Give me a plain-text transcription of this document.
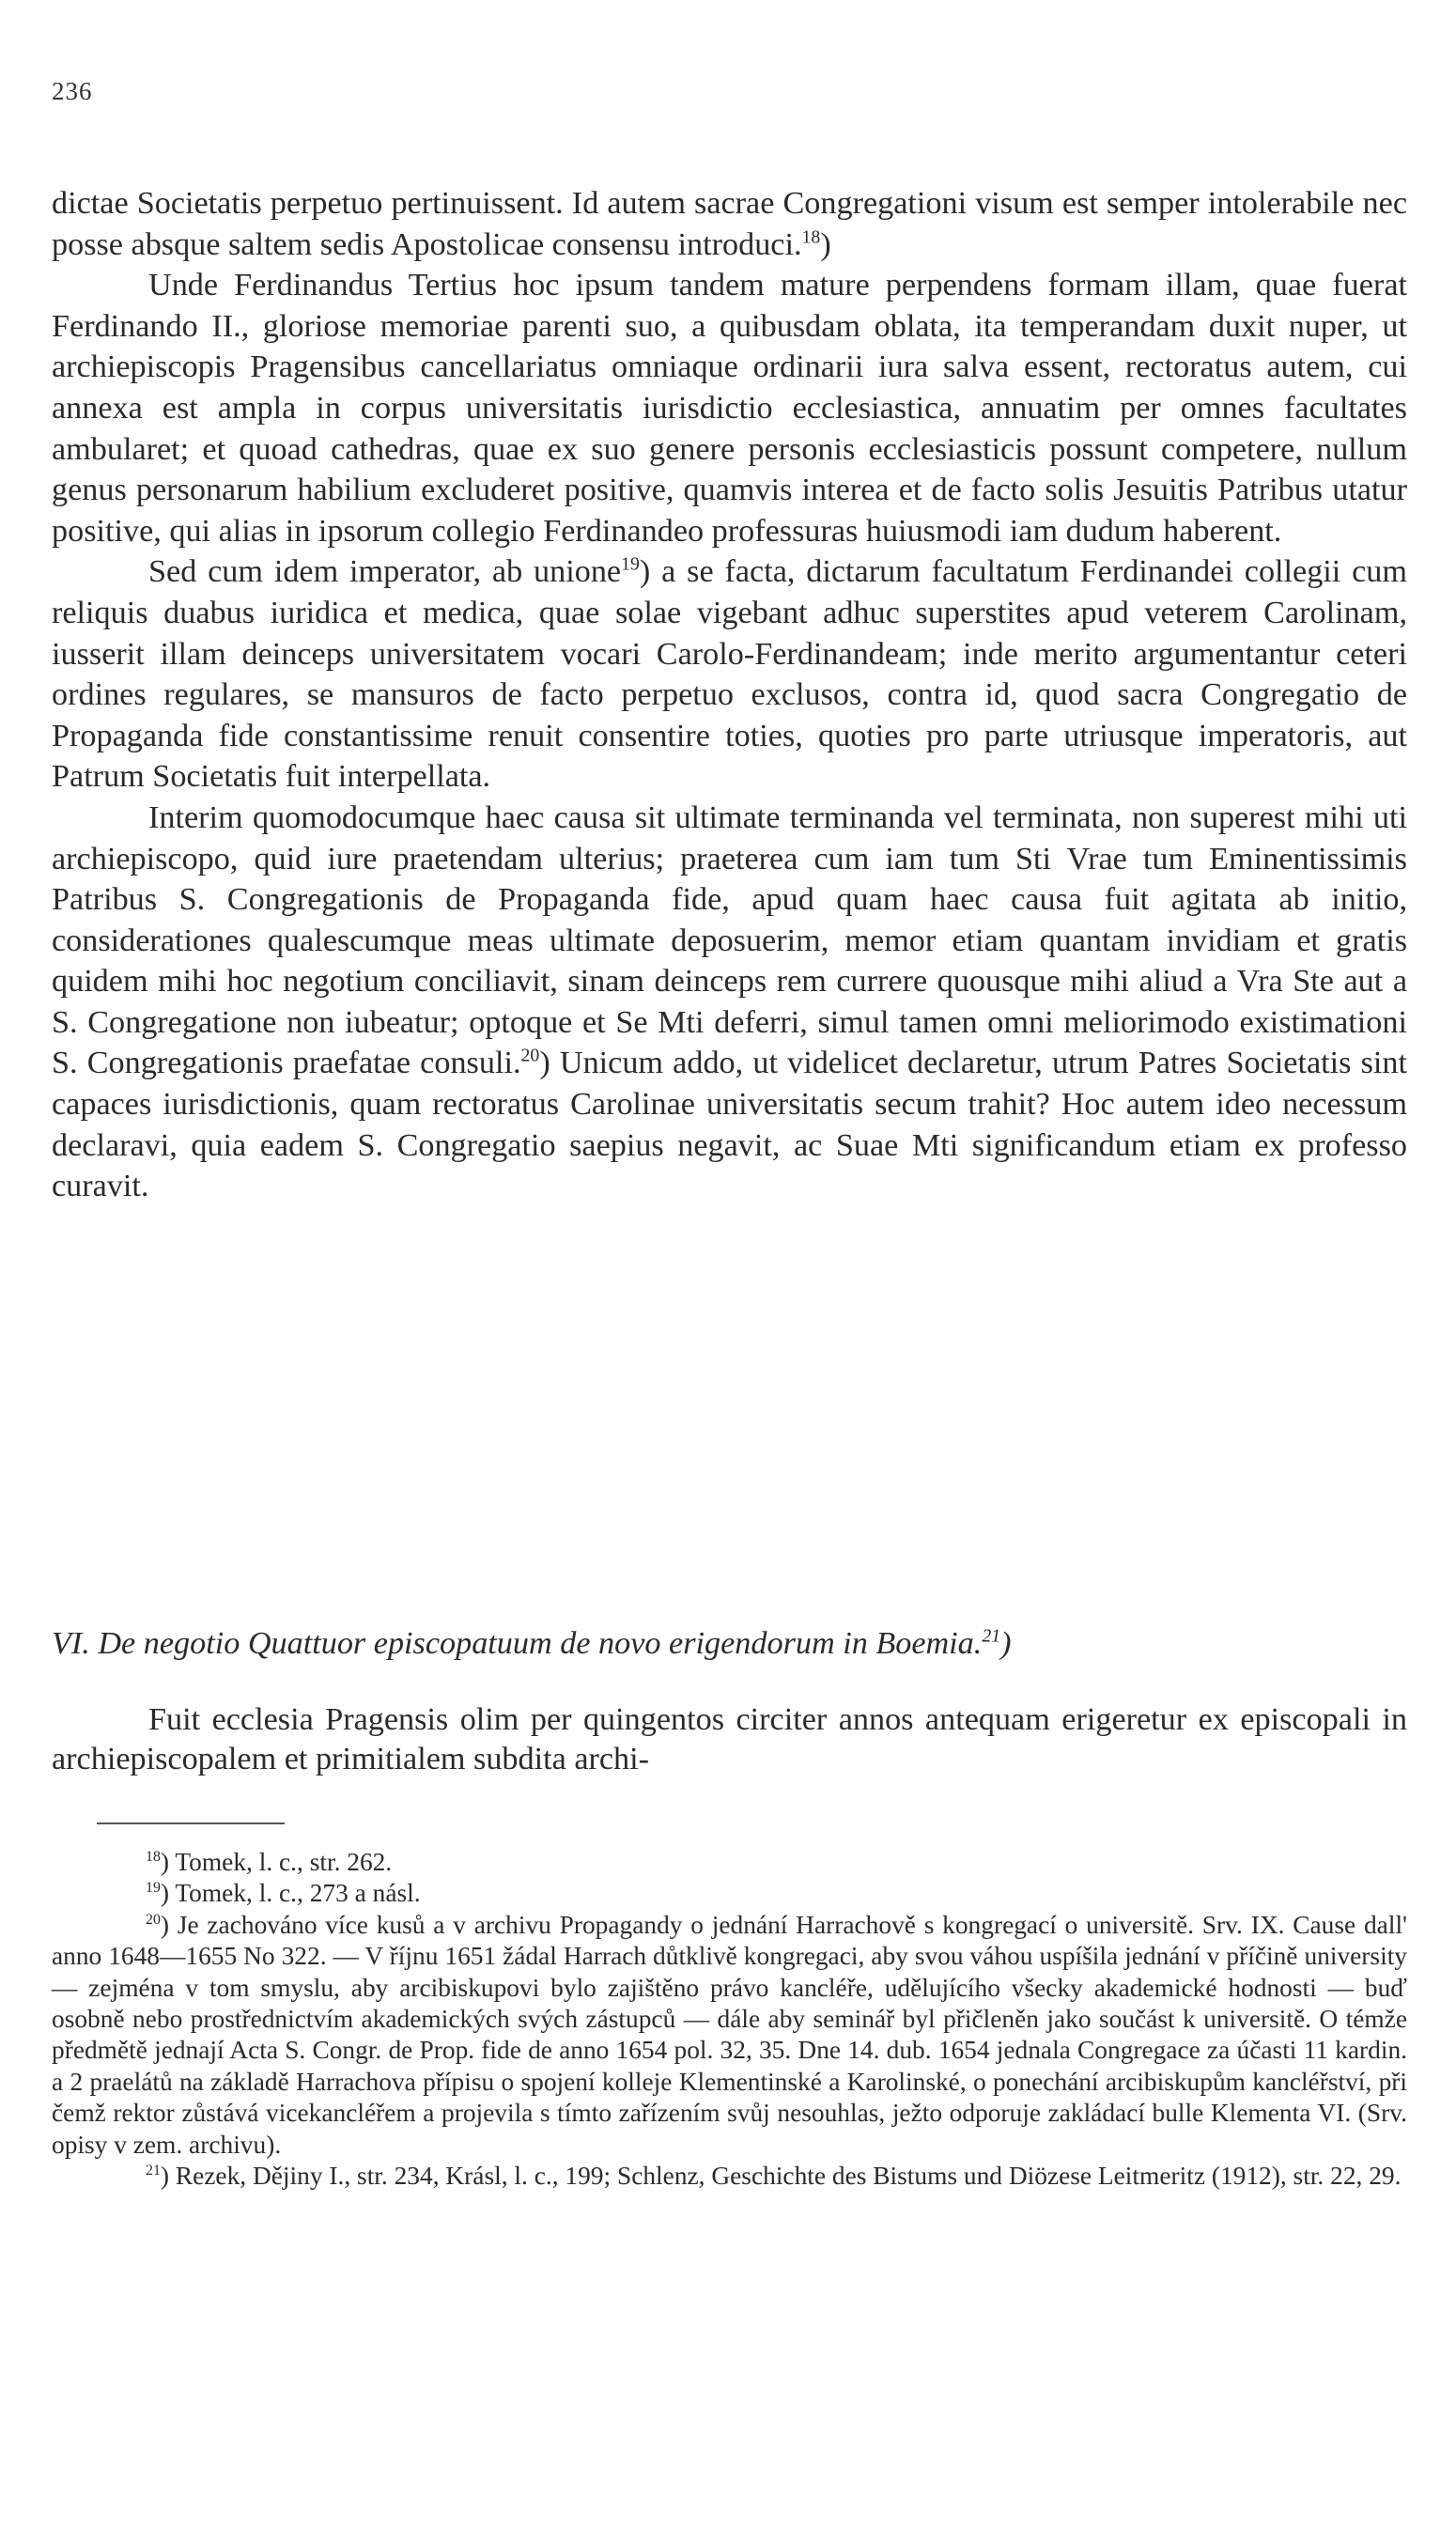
236

dictae Societatis perpetuo pertinuissent. Id autem sacrae Congregationi visum est semper intolerabile nec posse absque saltem sedis Apostolicae consensu introduci.$^{18}$)

Unde Ferdinandus Tertius hoc ipsum tandem mature perpendens formam illam, quae fuerat Ferdinando II., gloriose memoriae parenti suo, a quibusdam oblata, ita temperandam duxit nuper, ut archiepiscopis Pragensibus cancellariatus omniaque ordinarii iura salva essent, rectoratus autem, cui annexa est ampla in corpus universitatis iurisdictio ecclesiastica, annuatim per omnes facultates ambularet; et quoad cathedras, quae ex suo genere personis ecclesiasticis possunt competere, nullum genus personarum habilium excluderet positive, quamvis interea et de facto solis Jesuitis Patribus utatur positive, qui alias in ipsorum collegio Ferdinandeo professuras huiusmodi iam dudum haberent.

Sed cum idem imperator, ab unione$^{19}$) a se facta, dictarum facultatum Ferdinandei collegii cum reliquis duabus iuridica et medica, quae solae vigebant adhuc superstites apud veterem Carolinam, iusserit illam deinceps universitatem vocari Carolo-Ferdinandeam; inde merito argumentantur ceteri ordines regulares, se mansuros de facto perpetuo exclusos, contra id, quod sacra Congregatio de Propaganda fide constantissime renuit consentire toties, quoties pro parte utriusque imperatoris, aut Patrum Societatis fuit interpellata.

Interim quomodocumque haec causa sit ultimate terminanda vel terminata, non superest mihi uti archiepiscopo, quid iure praetendam ulterius; praeterea cum iam tum Sti Vrae tum Eminentissimis Patribus S. Congregationis de Propaganda fide, apud quam haec causa fuit agitata ab initio, considerationes qualescumque meas ultimate deposuerim, memor etiam quantam invidiam et gratis quidem mihi hoc negotium conciliavit, sinam deinceps rem currere quousque mihi aliud a Vra Ste aut a S. Congregatione non iubeatur; optoque et Se Mti deferri, simul tamen omni meliorimodo existimationi S. Congregationis praefatae consuli.$^{20}$) Unicum addo, ut videlicet declaretur, utrum Patres Societatis sint capaces iurisdictionis, quam rectoratus Carolinae universitatis secum trahit? Hoc autem ideo necessum declaravi, quia eadem S. Congregatio saepius negavit, ac Suae Mti significandum etiam ex professo curavit.

VI. De negotio Quattuor episcopatuum de novo erigendorum in Boemia.$^{21}$)
Fuit ecclesia Pragensis olim per quingentos circiter annos antequam erigeretur ex episcopali in archiepiscopalem et primitialem subdita archi-

$^{18}$) Tomek, l. c., str. 262.

$^{19}$) Tomek, l. c., 273 a násl.

$^{20}$) Je zachováno více kusů a v archivu Propagandy o jednání Harrachově s kongregací o universitě. Srv. IX. Cause dall' anno 1648—1655 No 322. — V říjnu 1651 žádal Harrach důtklivě kongregaci, aby svou váhou uspíšila jednání v příčině university — zejména v tom smyslu, aby arcibiskupovi bylo zajištěno právo kancléře, udělujícího všecky akademické hodnosti — buď osobně nebo prostřednictvím akademických svých zástupců — dále aby seminář byl přičleněn jako součást k universitě. O témže předmětě jednají Acta S. Congr. de Prop. fide de anno 1654 pol. 32, 35. Dne 14. dub. 1654 jednala Congregace za účasti 11 kardin. a 2 praelátů na základě Harrachova přípisu o spojení kolleje Klementinské a Karolinské, o ponechání arcibiskupům kancléřství, při čemž rektor zůstává vicekancléřem a projevila s tímto zařízením svůj nesouhlas, ježto odporuje zakládací bulle Klementa VI. (Srv. opisy v zem. archivu).

$^{21}$) Rezek, Dějiny I., str. 234, Krásl, l. c., 199; Schlenz, Geschichte des Bistums und Diözese Leitmeritz (1912), str. 22, 29.
